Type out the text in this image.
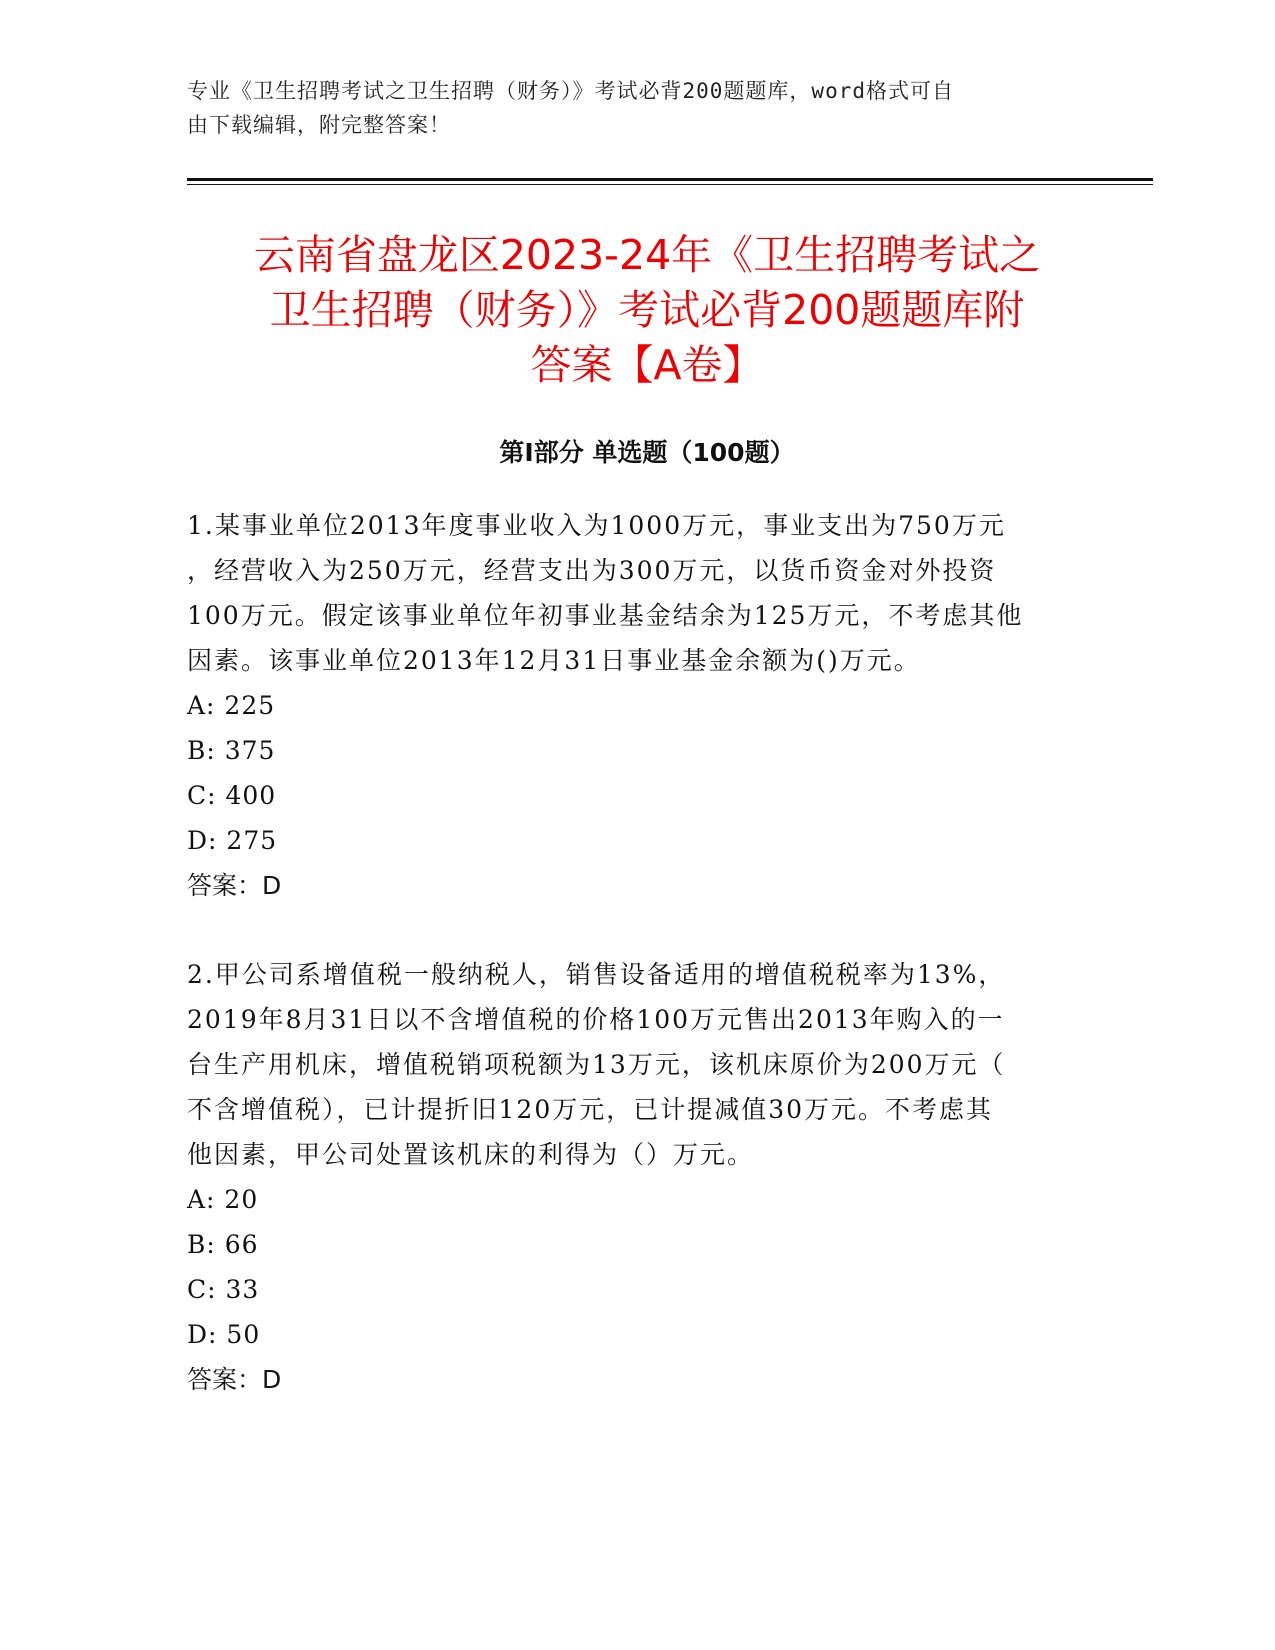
专业《卫生招聘考试之卫生招聘（财务）》考试必背200题题库，word格式可自
由下载编辑，附完整答案！
云南省盘龙区2023-24年《卫生招聘考试之
卫生招聘（财务）》考试必背200题题库附
答案【A卷】
第Ⅰ部分 单选题（100题）

1.某事业单位2013年度事业收入为1000万元，事业支出为750万元

，经营收入为250万元，经营支出为300万元，以货币资金对外投资

100万元。假定该事业单位年初事业基金结余为125万元，不考虑其他

因素。该事业单位2013年12月31日事业基金余额为()万元。

A: 225

B: 375

C: 400

D: 275

答案：D

2.甲公司系增值税一般纳税人，销售设备适用的增值税税率为13%，

2019年8月31日以不含增值税的价格100万元售出2013年购入的一

台生产用机床，增值税销项税额为13万元，该机床原价为200万元（

不含增值税），已计提折旧120万元，已计提减值30万元。不考虑其

他因素，甲公司处置该机床的利得为（）万元。

A: 20

B: 66

C: 33

D: 50

答案：D
